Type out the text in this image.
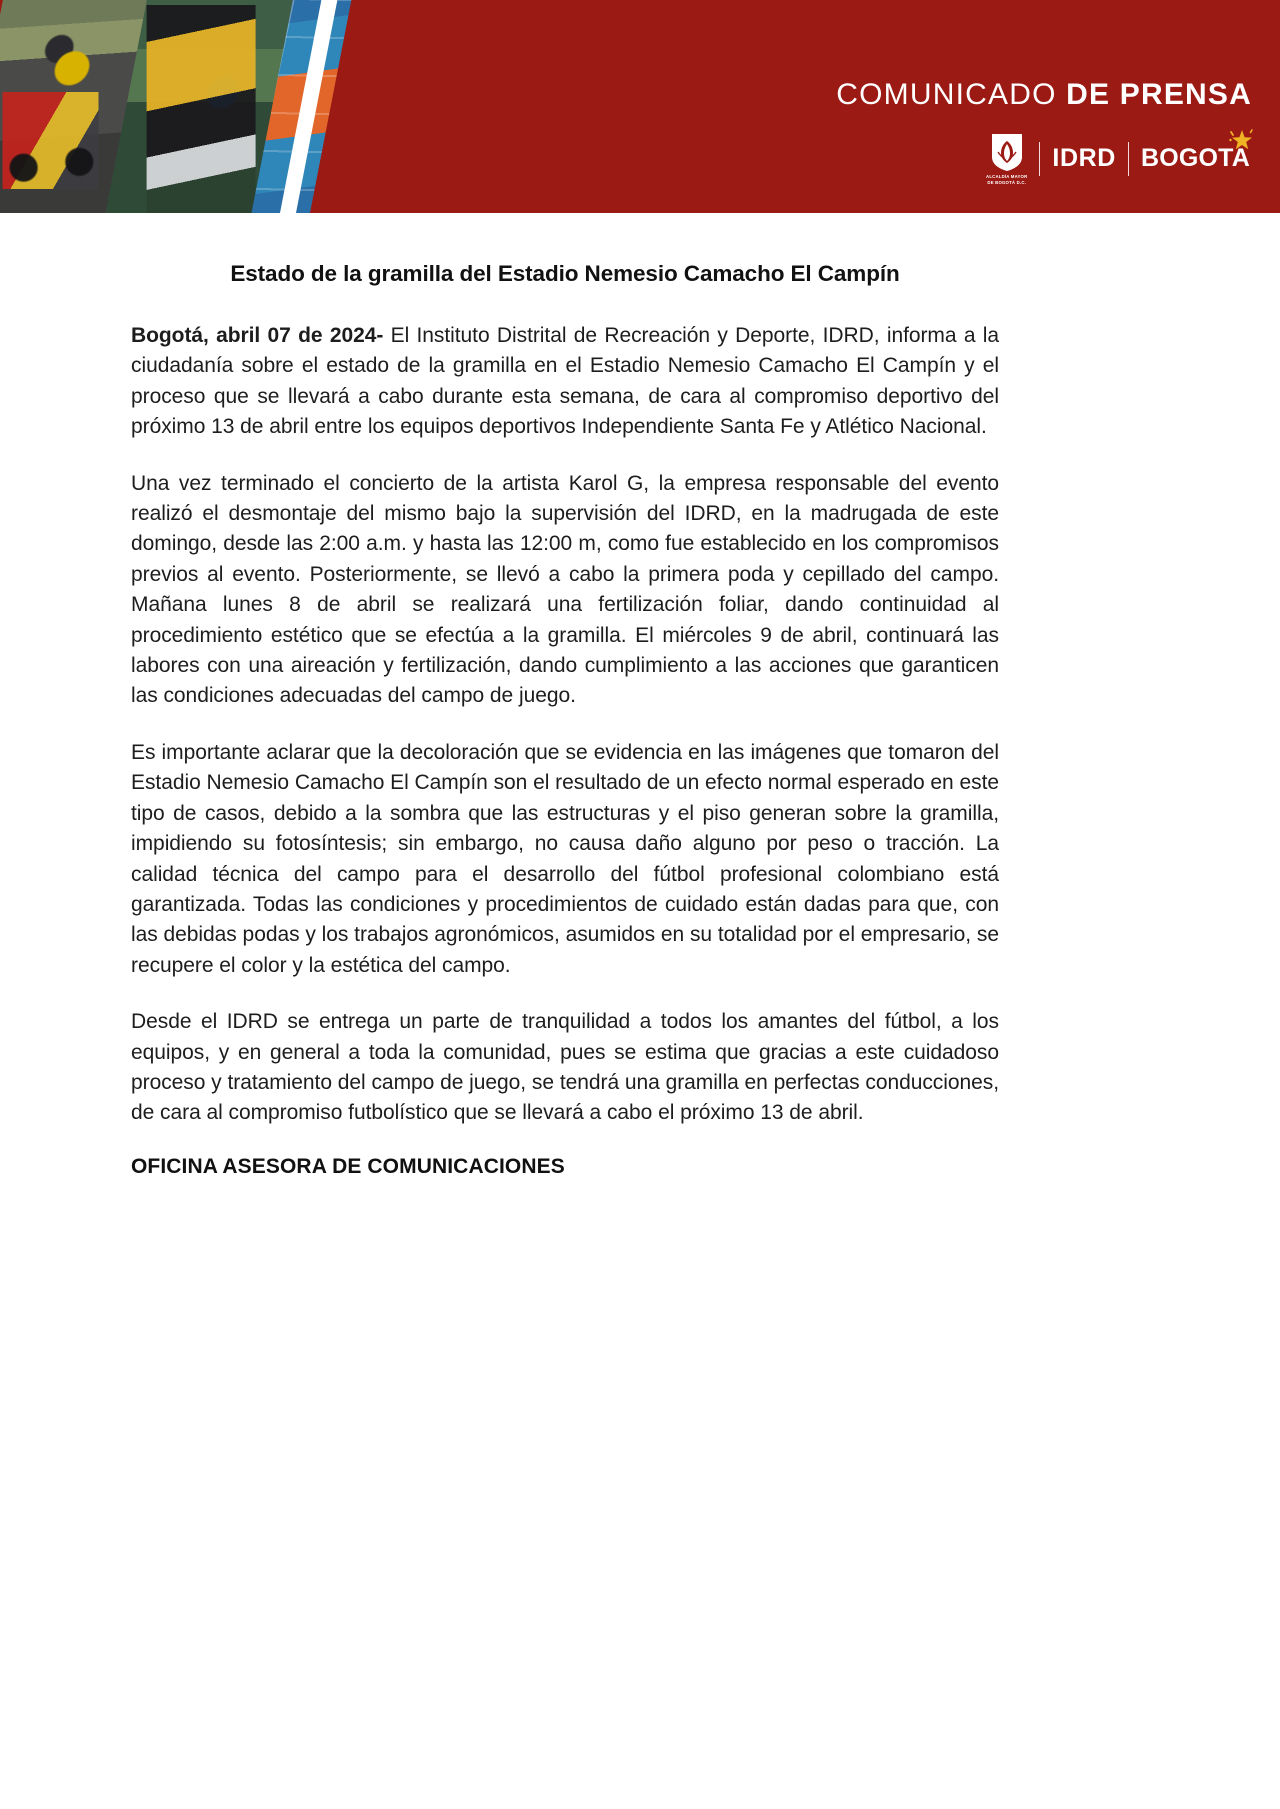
COMUNICADO DE PRENSA
ALCALDÍA MAYOR
DE BOGOTÁ D.C.
IDRD BOGOTA
Estado de la gramilla del Estadio Nemesio Camacho El Campín

Bogotá, abril 07 de 2024- El Instituto Distrital de Recreación y Deporte, IDRD, informa a la ciudadanía sobre el estado de la gramilla en el Estadio Nemesio Camacho El Campín y el proceso que se llevará a cabo durante esta semana, de cara al compromiso deportivo del próximo 13 de abril entre los equipos deportivos Independiente Santa Fe y Atlético Nacional.

Una vez terminado el concierto de la artista Karol G, la empresa responsable del evento realizó el desmontaje del mismo bajo la supervisión del IDRD, en la madrugada de este domingo, desde las 2:00 a.m. y hasta las 12:00 m, como fue establecido en los compromisos previos al evento. Posteriormente, se llevó a cabo la primera poda y cepillado del campo. Mañana lunes 8 de abril se realizará una fertilización foliar, dando continuidad al procedimiento estético que se efectúa a la gramilla. El miércoles 9 de abril, continuará las labores con una aireación y fertilización, dando cumplimiento a las acciones que garanticen las condiciones adecuadas del campo de juego.

Es importante aclarar que la decoloración que se evidencia en las imágenes que tomaron del Estadio Nemesio Camacho El Campín son el resultado de un efecto normal esperado en este tipo de casos, debido a la sombra que las estructuras y el piso generan sobre la gramilla, impidiendo su fotosíntesis; sin embargo, no causa daño alguno por peso o tracción. La calidad técnica del campo para el desarrollo del fútbol profesional colombiano está garantizada. Todas las condiciones y procedimientos de cuidado están dadas para que, con las debidas podas y los trabajos agronómicos, asumidos en su totalidad por el empresario, se recupere el color y la estética del campo.

Desde el IDRD se entrega un parte de tranquilidad a todos los amantes del fútbol, a los equipos, y en general a toda la comunidad, pues se estima que gracias a este cuidadoso proceso y tratamiento del campo de juego, se tendrá una gramilla en perfectas conducciones, de cara al compromiso futbolístico que se llevará a cabo el próximo 13 de abril.

OFICINA ASESORA DE COMUNICACIONES
